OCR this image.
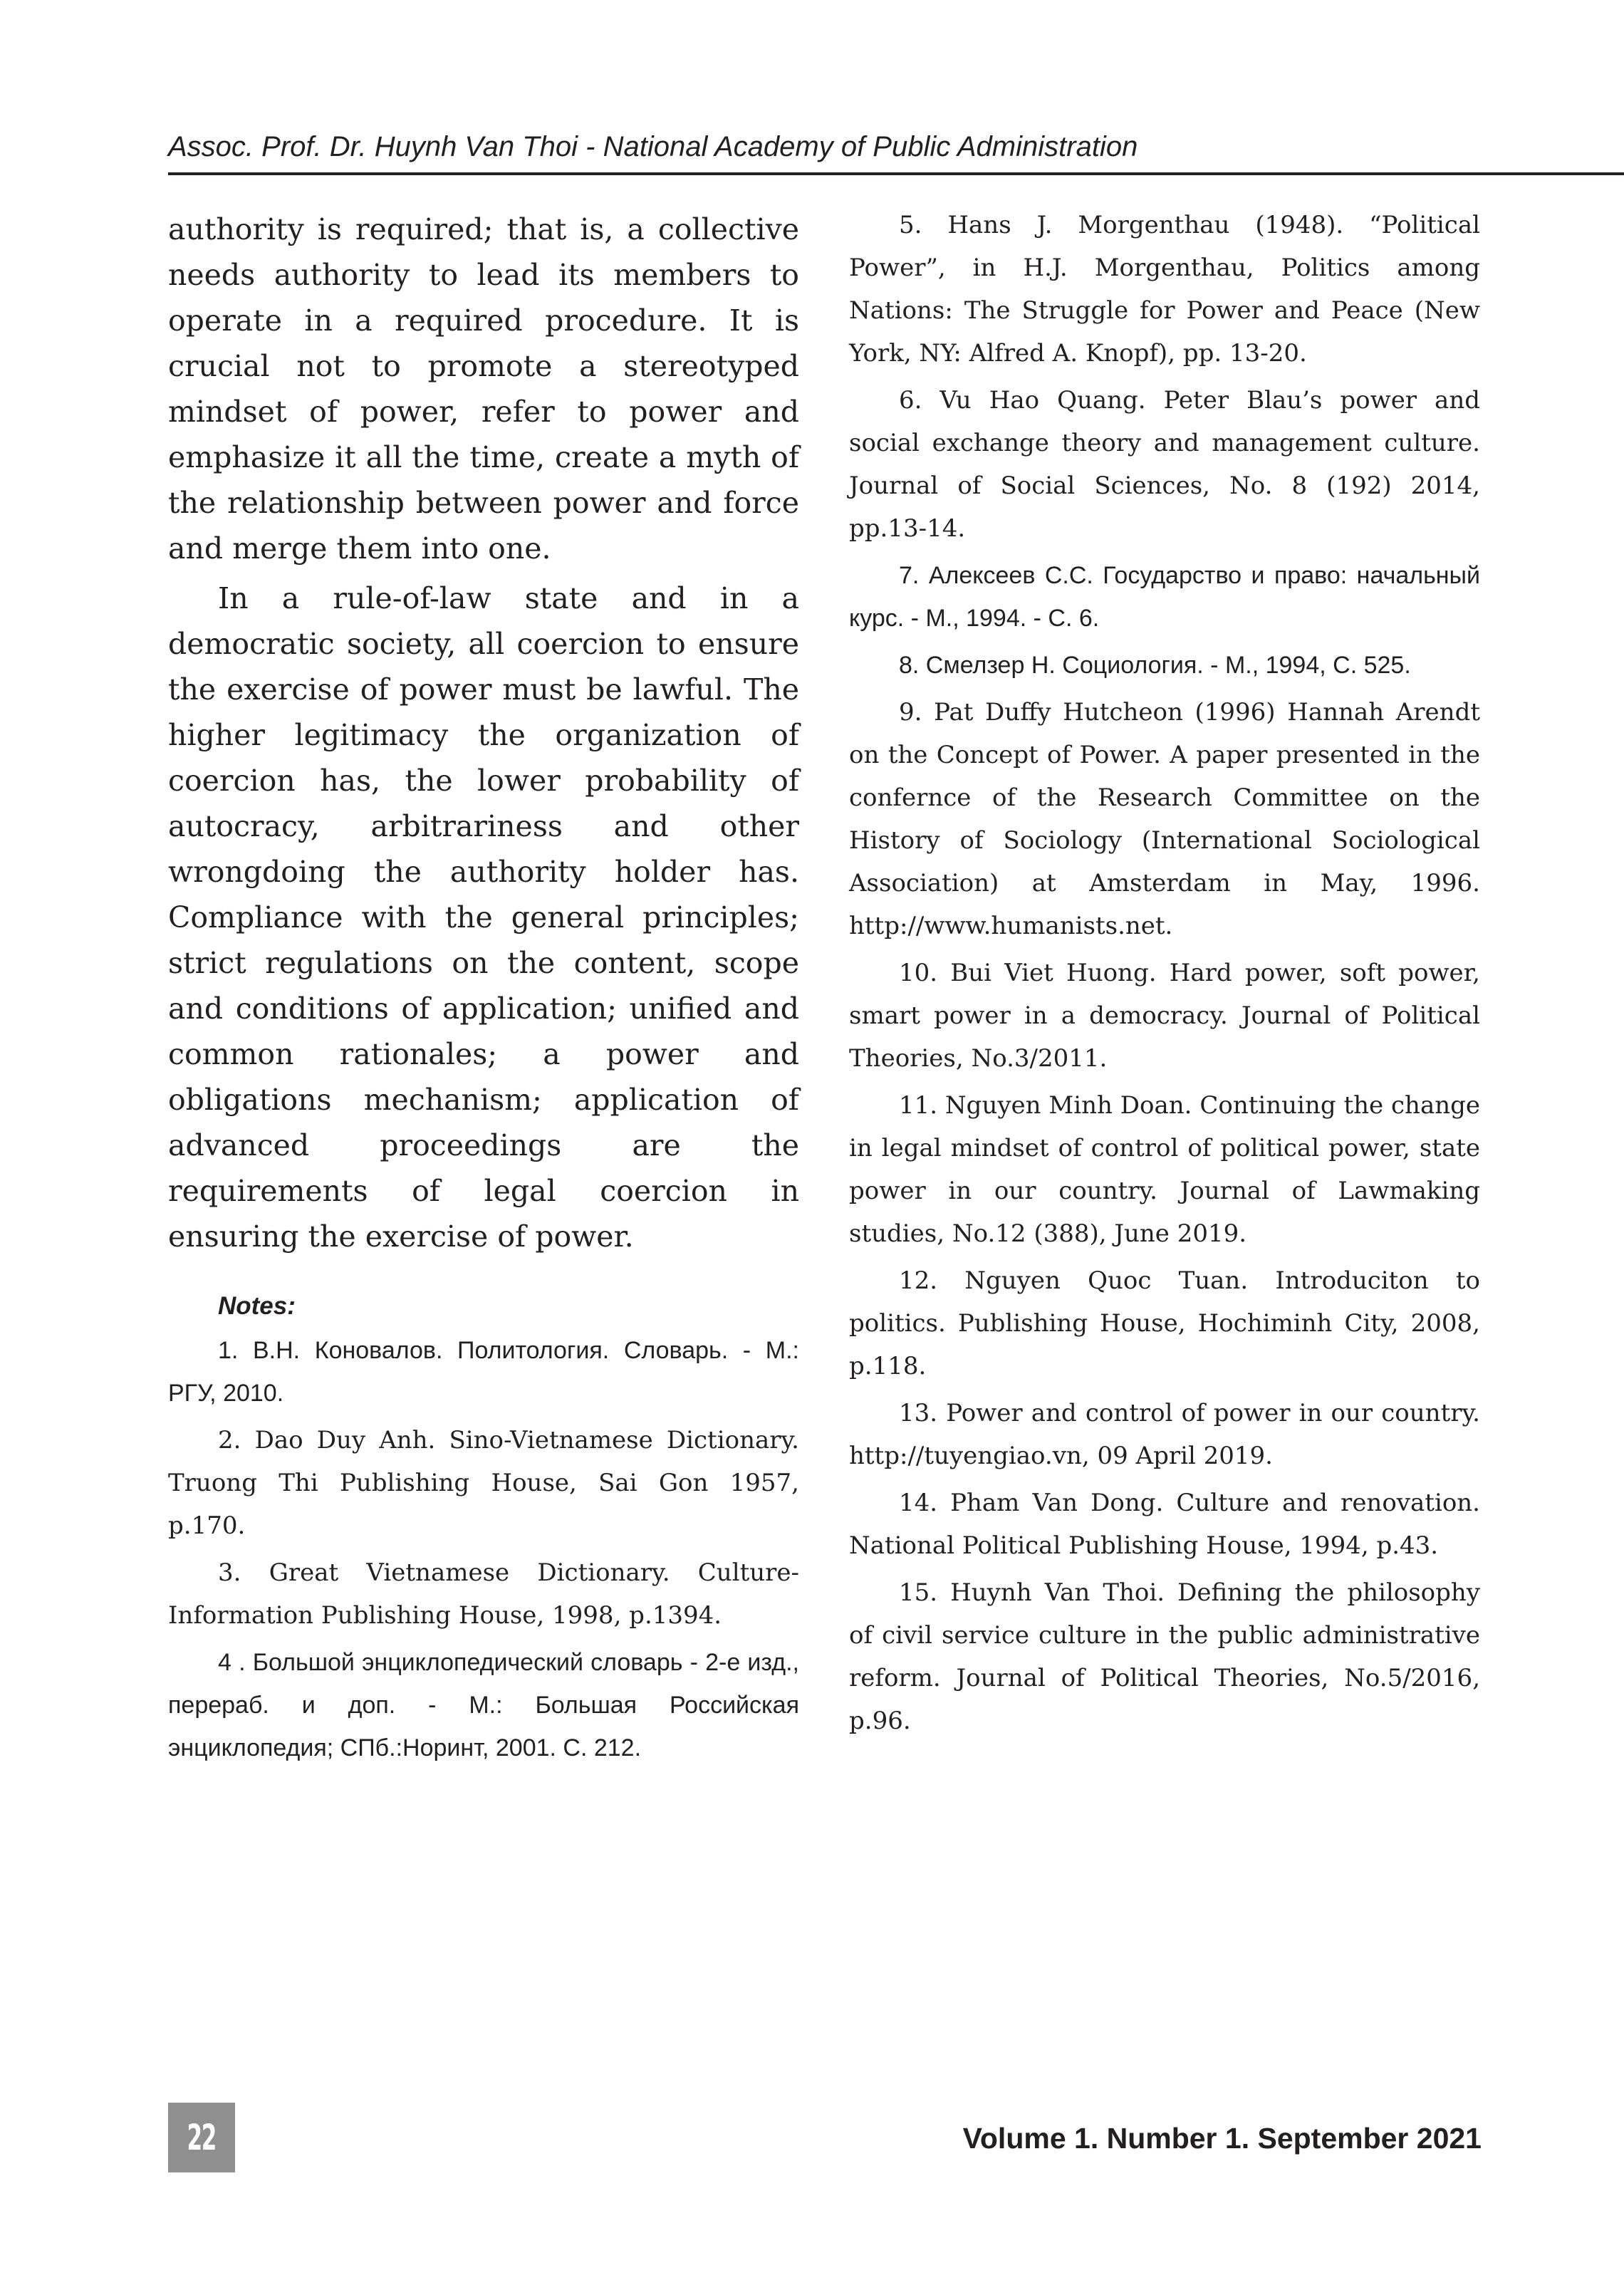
Assoc. Prof. Dr. Huynh Van Thoi - National Academy of Public Administration

authority is required; that is, a collective needs authority to lead its members to operate in a required procedure. It is crucial not to promote a stereotyped mindset of power, refer to power and emphasize it all the time, create a myth of the relationship between power and force and merge them into one.

In a rule-of-law state and in a democratic society, all coercion to ensure the exercise of power must be lawful. The higher legitimacy the organization of coercion has, the lower probability of autocracy, arbitrariness and other wrongdoing the authority holder has. Compliance with the general principles; strict regulations on the content, scope and conditions of application; unified and common rationales; a power and obligations mechanism; application of advanced proceedings are the requirements of legal coercion in ensuring the exercise of power.

Notes:

1. В.Н. Коновалов. Политология. Словарь. - М.: РГУ, 2010.

2. Dao Duy Anh. Sino-Vietnamese Dictionary. Truong Thi Publishing House, Sai Gon 1957, p.170.

3. Great Vietnamese Dictionary. Culture-Information Publishing House, 1998, p.1394.

4 . Большой энциклопедический словарь - 2-е изд., перераб. и доп. - М.: Большая Российская энциклопедия; СПб.:Норинт, 2001. С. 212.

5. Hans J. Morgenthau (1948). “Political Power”, in H.J. Morgenthau, Politics among Nations: The Struggle for Power and Peace (New York, NY: Alfred A. Knopf), pp. 13-20.

6. Vu Hao Quang. Peter Blau’s power and social exchange theory and management culture. Journal of Social Sciences, No. 8 (192) 2014, pp.13-14.

7. Алексеев С.С. Государство и право: начальный курс. - М., 1994. - С. 6.

8. Смелзер Н. Социология. - М., 1994, С. 525.

9. Pat Duffy Hutcheon (1996) Hannah Arendt on the Concept of Power. A paper presented in the confernce of the Research Committee on the History of Sociology (International Sociological Association) at Amsterdam in May, 1996. http://www.humanists.net.

10. Bui Viet Huong. Hard power, soft power, smart power in a democracy. Journal of Political Theories, No.3/2011.

11. Nguyen Minh Doan. Continuing the change in legal mindset of control of political power, state power in our country. Journal of Lawmaking studies, No.12 (388), June 2019.

12. Nguyen Quoc Tuan. Introduciton to politics. Publishing House, Hochiminh City, 2008, p.118.

13. Power and control of power in our country. http://tuyengiao.vn, 09 April 2019.

14. Pham Van Dong. Culture and renovation. National Political Publishing House, 1994, p.43.

15. Huynh Van Thoi. Defining the philosophy of civil service culture in the public administrative reform. Journal of Political Theories, No.5/2016, p.96.

22	Volume 1. Number 1. September 2021
